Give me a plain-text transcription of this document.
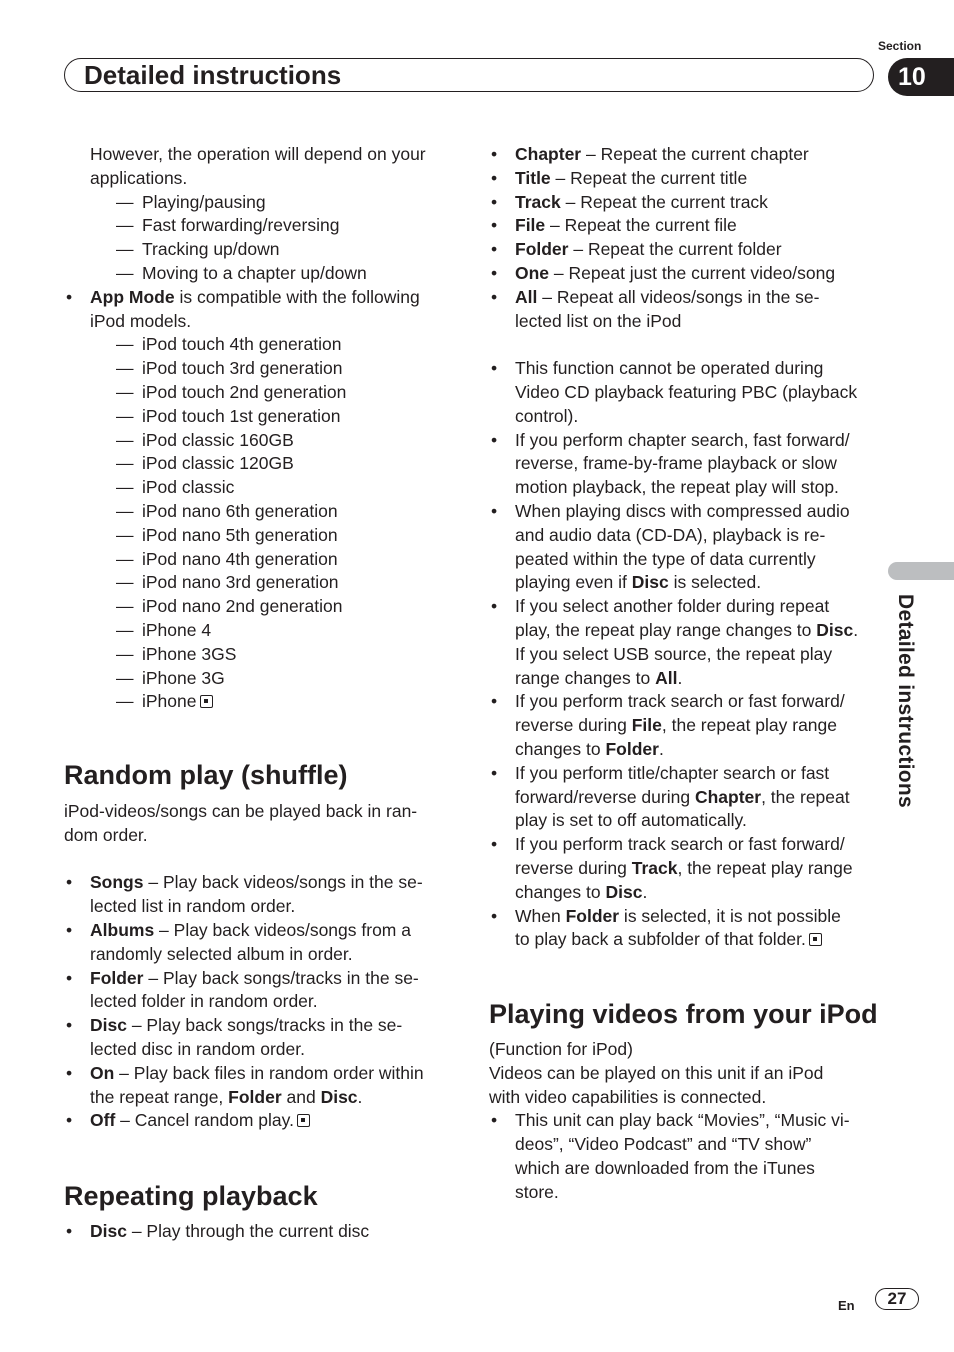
Detailed instructions
Section
10
Detailed instructions

However, the operation will depend on your

applications.

— Playing/pausing

— Fast forwarding/reversing

— Tracking up/down

— Moving to a chapter up/down

• App Mode is compatible with the following

iPod models.

— iPod touch 4th generation

— iPod touch 3rd generation

— iPod touch 2nd generation

— iPod touch 1st generation

— iPod classic 160GB

— iPod classic 120GB

— iPod classic

— iPod nano 6th generation

— iPod nano 5th generation

— iPod nano 4th generation

— iPod nano 3rd generation

— iPod nano 2nd generation

— iPhone 4

— iPhone 3GS

— iPhone 3G

— iPhone

Random play (shuffle)

iPod-videos/songs can be played back in ran-

dom order.

• Songs – Play back videos/songs in the se-

lected list in random order.

• Albums – Play back videos/songs from a

randomly selected album in order.

• Folder – Play back songs/tracks in the se-

lected folder in random order.

• Disc – Play back songs/tracks in the se-

lected disc in random order.

• On – Play back files in random order within

the repeat range, Folder and Disc.

• Off – Cancel random play.

Repeating playback

• Disc – Play through the current disc

• Chapter – Repeat the current chapter

• Title – Repeat the current title

• Track – Repeat the current track

• File – Repeat the current file

• Folder – Repeat the current folder

• One – Repeat just the current video/song

• All – Repeat all videos/songs in the se-

lected list on the iPod

• This function cannot be operated during

Video CD playback featuring PBC (playback

control).

• If you perform chapter search, fast forward/

reverse, frame-by-frame playback or slow

motion playback, the repeat play will stop.

• When playing discs with compressed audio

and audio data (CD-DA), playback is re-

peated within the type of data currently

playing even if Disc is selected.

• If you select another folder during repeat

play, the repeat play range changes to Disc.

If you select USB source, the repeat play

range changes to All.

• If you perform track search or fast forward/

reverse during File, the repeat play range

changes to Folder.

• If you perform title/chapter search or fast

forward/reverse during Chapter, the repeat

play is set to off automatically.

• If you perform track search or fast forward/

reverse during Track, the repeat play range

changes to Disc.

• When Folder is selected, it is not possible

to play back a subfolder of that folder.

Playing videos from your iPod

(Function for iPod)

Videos can be played on this unit if an iPod

with video capabilities is connected.

• This unit can play back “Movies”, “Music vi-

deos”, “Video Podcast” and “TV show”

which are downloaded from the iTunes

store.

En	27
